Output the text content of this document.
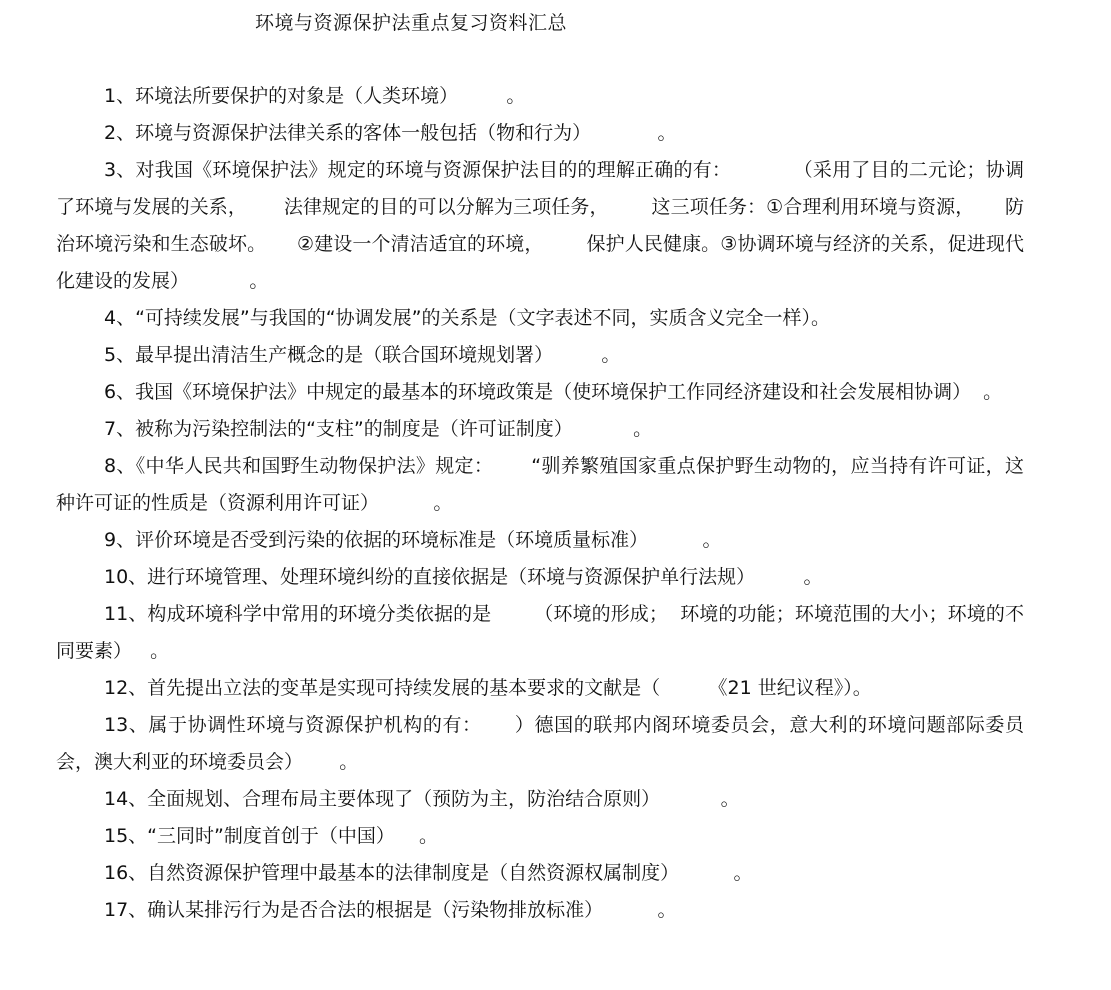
环境与资源保护法重点复习资料汇总

1、环境法所要保护的对象是（人类环境）        。

2、环境与资源保护法律关系的客体一般包括（物和行为）           。

3、对我国《环境保护法》规定的环境与资源保护法目的的理解正确的有：          （采用了目的二元论；协调了环境与发展的关系，      法律规定的目的可以分解为三项任务，       这三项任务：①合理利用环境与资源，     防治环境污染和生态破坏。     ②建设一个清洁适宜的环境，       保护人民健康。③协调环境与经济的关系，促进现代化建设的发展）          。

4、“可持续发展”与我国的“协调发展”的关系是（文字表述不同，实质含义完全一样）。

5、最早提出清洁生产概念的是（联合国环境规划署）        。

6、我国《环境保护法》中规定的最基本的环境政策是（使环境保护工作同经济建设和社会发展相协调）  。

7、被称为污染控制法的“支柱”的制度是（许可证制度）          。

8、《中华人民共和国野生动物保护法》规定：      “驯养繁殖国家重点保护野生动物的，应当持有许可证，这种许可证的性质是（资源利用许可证）         。

9、评价环境是否受到污染的依据的环境标准是（环境质量标准）         。

10、进行环境管理、处理环境纠纷的直接依据是（环境与资源保护单行法规）        。

11、构成环境科学中常用的环境分类依据的是       （环境的形成；  环境的功能；环境范围的大小；环境的不同要素）   。

12、首先提出立法的变革是实现可持续发展的基本要求的文献是（        《21 世纪议程》）。

13、属于协调性环境与资源保护机构的有：     ）德国的联邦内阁环境委员会，意大利的环境问题部际委员会，澳大利亚的环境委员会）      。

14、全面规划、合理布局主要体现了（预防为主，防治结合原则）          。

15、“三同时”制度首创于（中国）    。

16、自然资源保护管理中最基本的法律制度是（自然资源权属制度）         。

17、确认某排污行为是否合法的根据是（污染物排放标准）         。
